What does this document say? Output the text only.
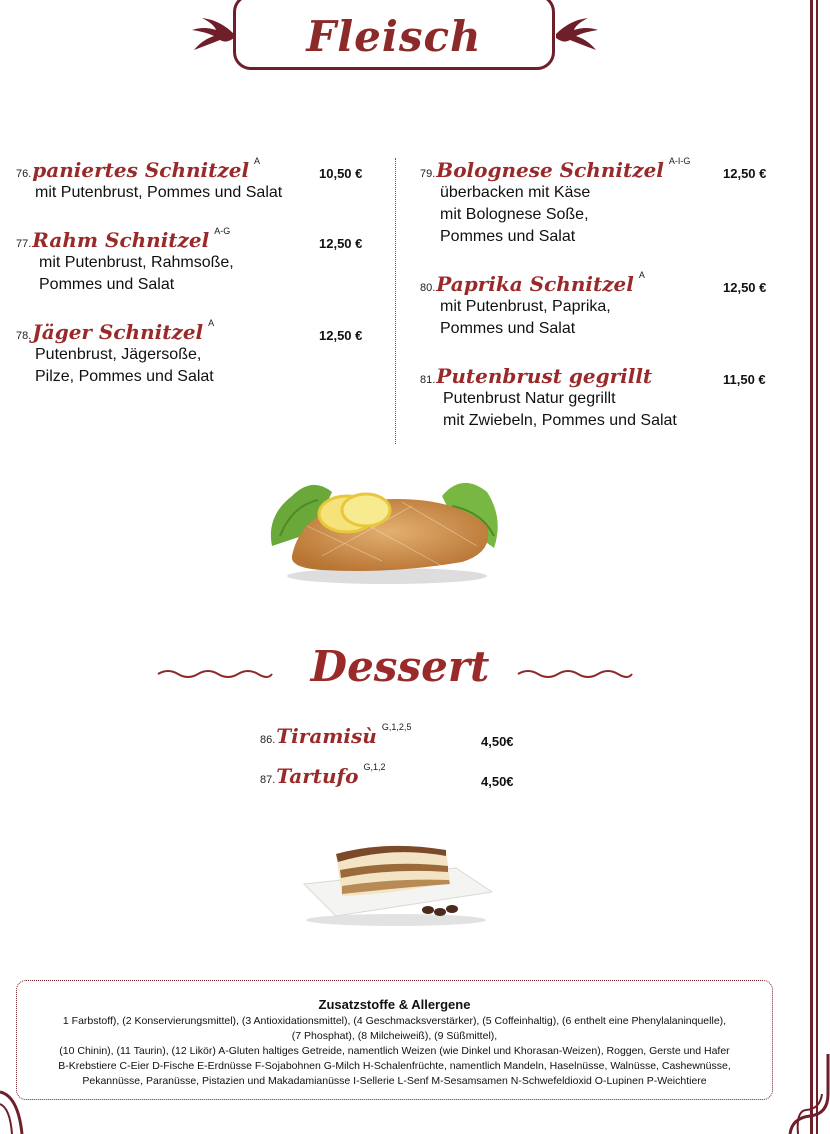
Fleisch
76.paniertes Schnitzel $^A$
mit Putenbrust, Pommes und Salat
10,50 €
77.Rahm Schnitzel $^{A-G}$
mit Putenbrust, Rahmsoße,
Pommes und Salat
12,50 €
78.Jäger Schnitzel $^A$
Putenbrust, Jägersoße,
Pilze, Pommes und Salat
12,50 €
79.Bolognese Schnitzel $^{A-I-G}$
überbacken mit Käse
mit Bolognese Soße,
Pommes und Salat
12,50 €
80.Paprika Schnitzel $^A$
mit Putenbrust, Paprika,
Pommes und Salat
12,50 €
81.Putenbrust gegrillt
Putenbrust Natur gegrillt
mit Zwiebeln, Pommes und Salat
11,50 €
Dessert
86.Tiramisù $^{G,1,2,5}$
4,50€
87.Tartufo $^{G,1,2}$
4,50€
Zusatzstoffe & Allergene
1 Farbstoff), (2 Konservierungsmittel), (3 Antioxidationsmittel), (4 Geschmacksverstärker), (5 Coffeinhaltig), (6 enthelt eine Phenylalaninquelle),
(7 Phosphat), (8 Milcheiweiß), (9 Süßmittel),
(10 Chinin), (11 Taurin), (12 Likör) A-Gluten haltiges Getreide, namentlich Weizen (wie Dinkel und Khorasan-Weizen), Roggen, Gerste und Hafer
B-Krebstiere C-Eier D-Fische E-Erdnüsse F-Sojabohnen G-Milch H-Schalenfrüchte, namentlich Mandeln, Haselnüsse, Walnüsse, Cashewnüsse,
Pekannüsse, Paranüsse, Pistazien und Makadamianüsse I-Sellerie L-Senf M-Sesamsamen N-Schwefeldioxid O-Lupinen P-Weichtiere
